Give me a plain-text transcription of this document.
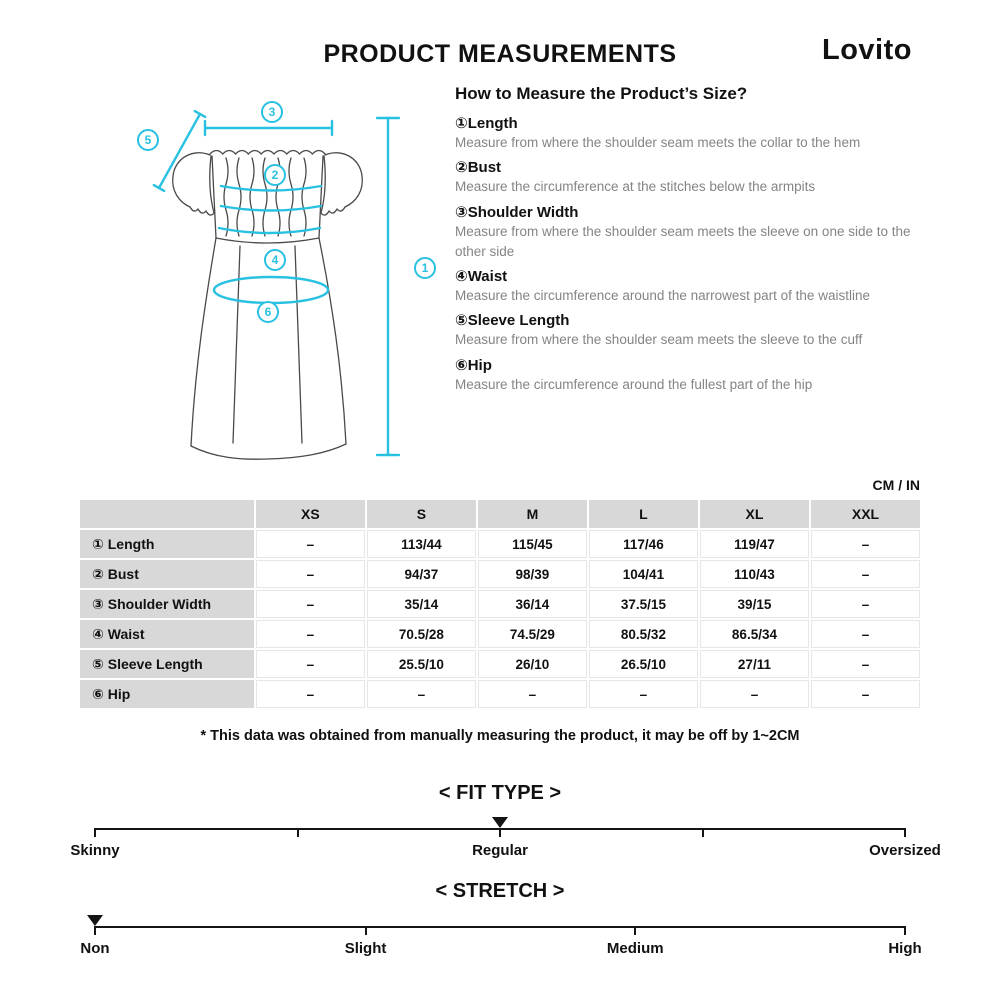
PRODUCT MEASUREMENTS	Lovito
3
5
2
4
6
1
How to Measure the Product’s Size?
①Length
Measure from where the shoulder seam meets the collar to the hem
②Bust
Measure the circumference at the stitches below the armpits
③Shoulder Width
Measure from where the shoulder seam meets the sleeve on one side to the other side
④Waist
Measure the circumference around the narrowest part of the waistline
⑤Sleeve Length
Measure from where the shoulder seam meets the sleeve to the cuff
⑥Hip
Measure the circumference around the fullest part of the hip
CM / IN
	XS	S	M	L	XL	XXL
① Length	–	113/44	115/45	117/46	119/47	–
② Bust	–	94/37	98/39	104/41	110/43	–
③ Shoulder Width	–	35/14	36/14	37.5/15	39/15	–
④ Waist	–	70.5/28	74.5/29	80.5/32	86.5/34	–
⑤ Sleeve Length	–	25.5/10	26/10	26.5/10	27/11	–
⑥ Hip	–	–	–	–	–	–
* This data was obtained from manually measuring the product, it may be off by 1~2CM
< FIT TYPE >
Skinny	Regular	Oversized
< STRETCH >
Non	Slight	Medium	High
